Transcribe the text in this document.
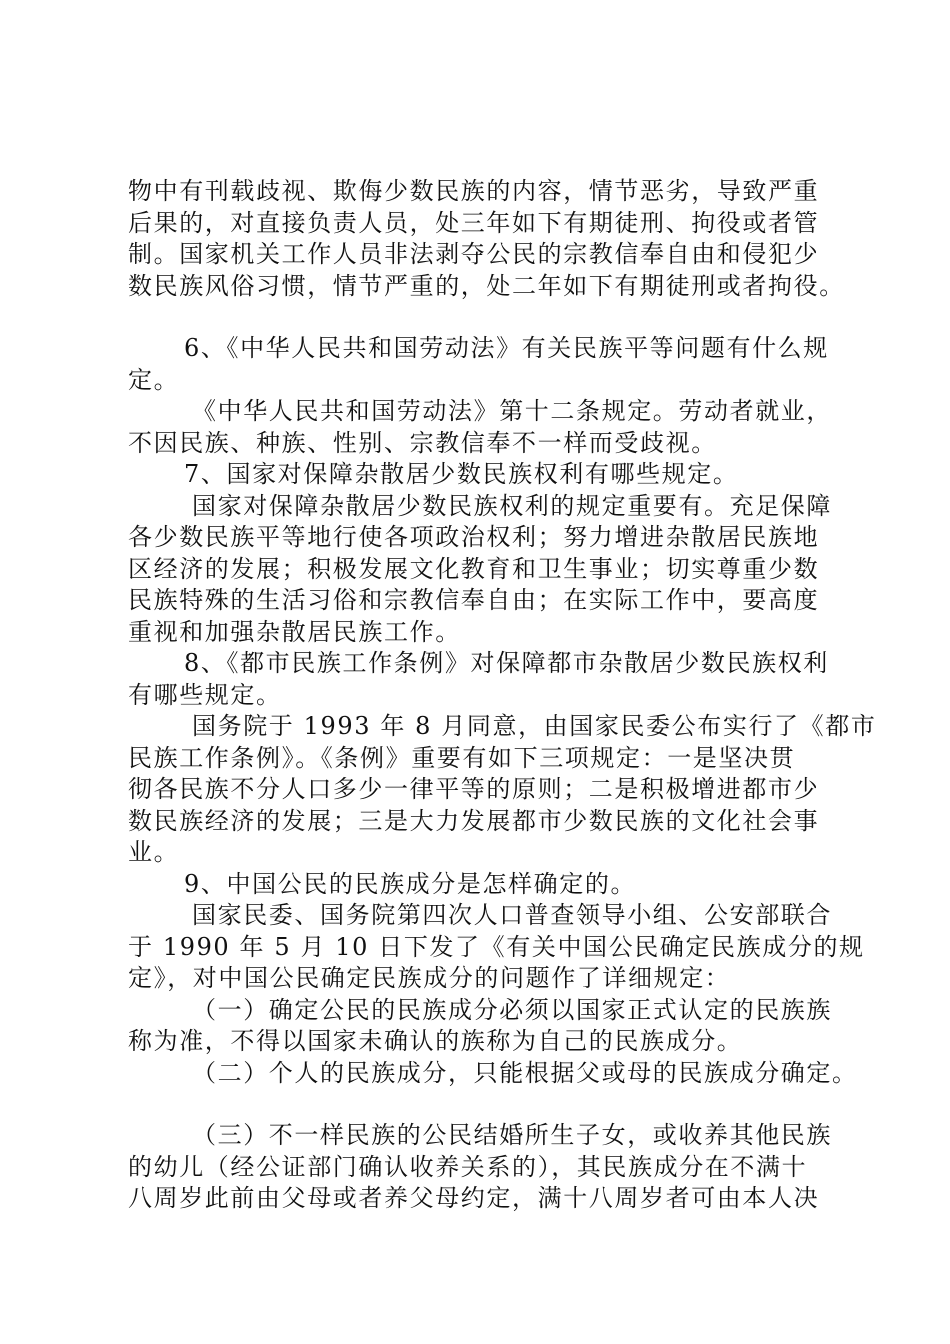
物中有刊载歧视、欺侮少数民族的内容，情节恶劣，导致严重
后果的，对直接负责人员，处三年如下有期徒刑、拘役或者管
制。国家机关工作人员非法剥夺公民的宗教信奉自由和侵犯少
数民族风俗习惯，情节严重的，处二年如下有期徒刑或者拘役。
6、《中华人民共和国劳动法》有关民族平等问题有什么规
定。
《中华人民共和国劳动法》第十二条规定。劳动者就业，
不因民族、种族、性别、宗教信奉不一样而受歧视。
7、国家对保障杂散居少数民族权利有哪些规定。
国家对保障杂散居少数民族权利的规定重要有。充足保障
各少数民族平等地行使各项政治权利；努力增进杂散居民族地
区经济的发展；积极发展文化教育和卫生事业；切实尊重少数
民族特殊的生活习俗和宗教信奉自由；在实际工作中，要高度
重视和加强杂散居民族工作。
8、《都市民族工作条例》对保障都市杂散居少数民族权利
有哪些规定。
国务院于 1993 年 8 月同意，由国家民委公布实行了《都市
民族工作条例》。《条例》重要有如下三项规定：一是坚决贯
彻各民族不分人口多少一律平等的原则；二是积极增进都市少
数民族经济的发展；三是大力发展都市少数民族的文化社会事
业。
9、中国公民的民族成分是怎样确定的。
国家民委、国务院第四次人口普查领导小组、公安部联合
于 1990 年 5 月 10 日下发了《有关中国公民确定民族成分的规
定》，对中国公民确定民族成分的问题作了详细规定：
（一）确定公民的民族成分必须以国家正式认定的民族族
称为准，不得以国家未确认的族称为自己的民族成分。
（二）个人的民族成分，只能根据父或母的民族成分确定。
（三）不一样民族的公民结婚所生子女，或收养其他民族
的幼儿（经公证部门确认收养关系的），其民族成分在不满十
八周岁此前由父母或者养父母约定，满十八周岁者可由本人决
